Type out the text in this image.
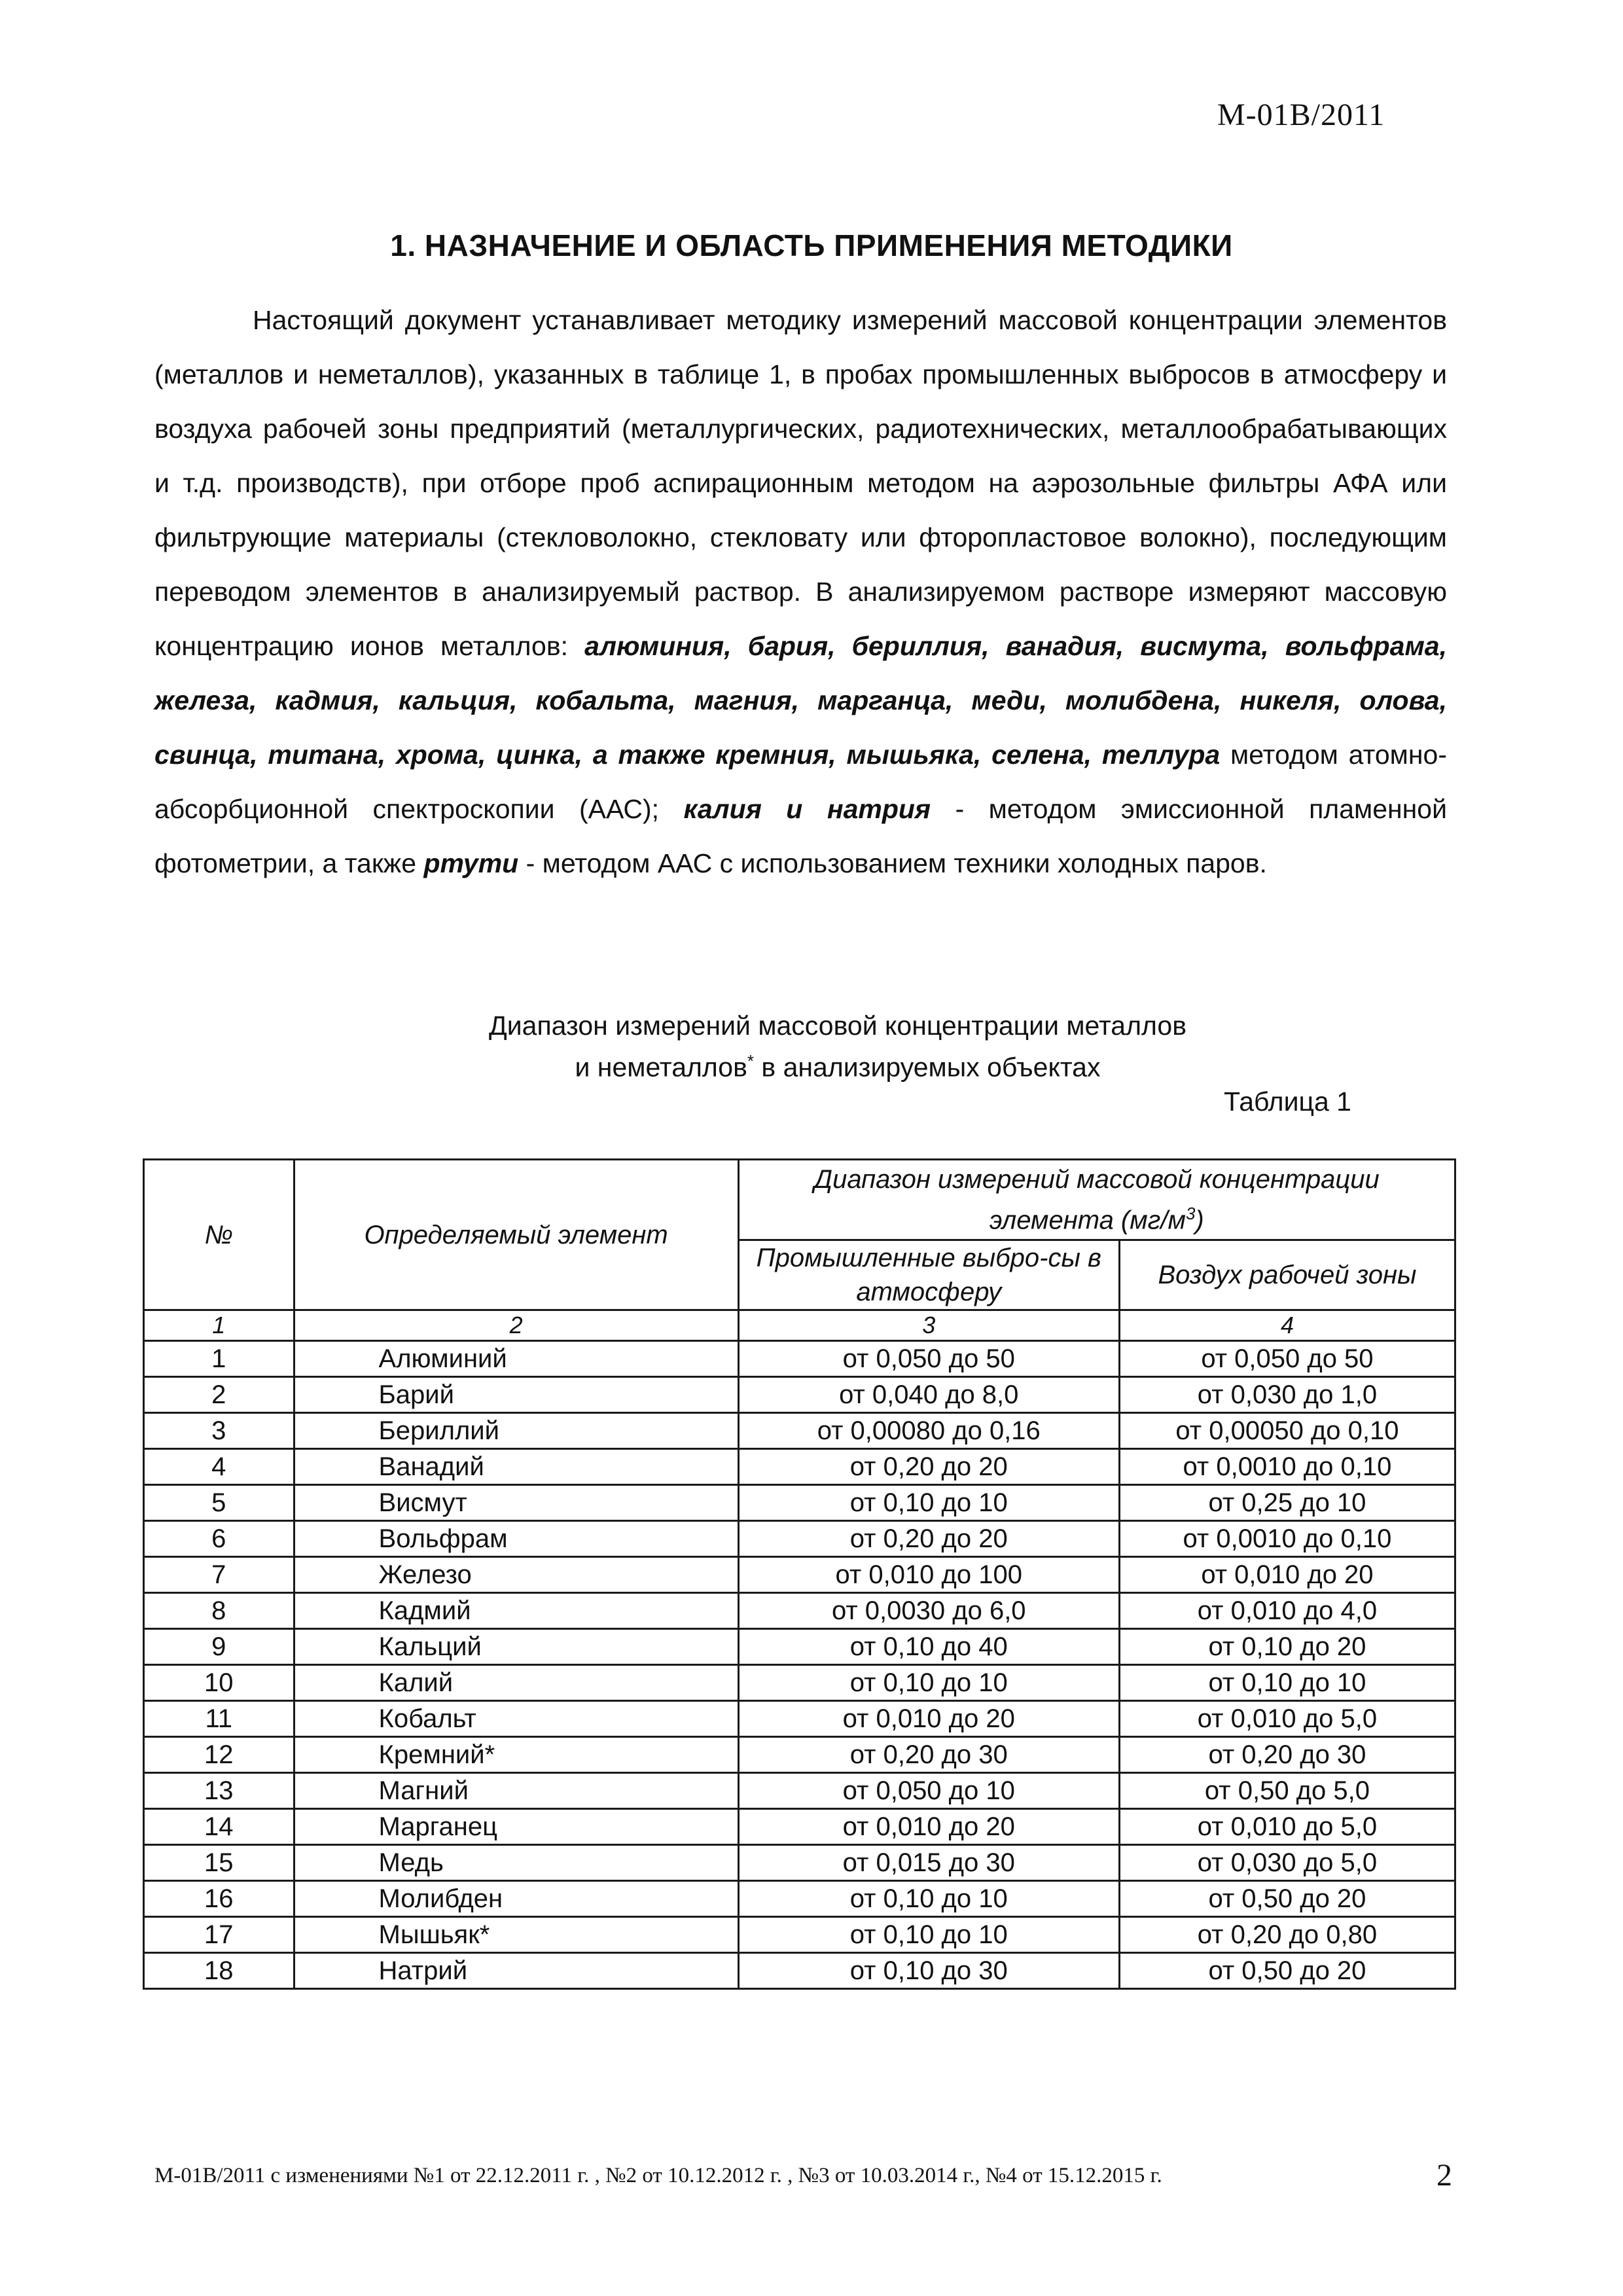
М-01В/2011
1. НАЗНАЧЕНИЕ И ОБЛАСТЬ ПРИМЕНЕНИЯ МЕТОДИКИ
Настоящий документ устанавливает методику измерений массовой концентрации элементов (металлов и неметаллов), указанных в таблице 1, в пробах промышленных выбросов в атмосферу и воздуха рабочей зоны предприятий (металлургических, радиотехнических, металлообрабатывающих и т.д. производств), при отборе проб аспирационным методом на аэрозольные фильтры АФА или фильтрующие материалы (стекловолокно, стекловату или фторопластовое волокно), последующим переводом элементов в анализируемый раствор. В анализируемом растворе измеряют массовую концентрацию ионов металлов: алюминия, бария, бериллия, ванадия, висмута, вольфрама, железа, кадмия, кальция, кобальта, магния, марганца, меди, молибдена, никеля, олова, свинца, титана, хрома, цинка, а также кремния, мышьяка, селена, теллура методом атомно-абсорбционной спектроскопии (ААС); калия и натрия - методом эмиссионной пламенной фотометрии, а также ртути - методом ААС с использованием техники холодных паров.
Диапазон измерений массовой концентрации металлов
и неметаллов* в анализируемых объектах
Таблица 1
№	Определяемый элемент	Диапазон измерений массовой концентрации
элемента $(мг/м^3)$	
		Промышленные выбро-сы в атмосферу	Воздух рабочей зоны
1	2	3	4
1	Алюминий	от 0,050 до 50	от 0,050 до 50
2	Барий	от 0,040 до 8,0	от 0,030 до 1,0
3	Бериллий	от 0,00080 до 0,16	от 0,00050 до 0,10
4	Ванадий	от 0,20 до 20	от 0,0010 до 0,10
5	Висмут	от 0,10 до 10	от 0,25 до 10
6	Вольфрам	от 0,20 до 20	от 0,0010 до 0,10
7	Железо	от 0,010 до 100	от 0,010 до 20
8	Кадмий	от 0,0030 до 6,0	от 0,010 до 4,0
9	Кальций	от 0,10 до 40	от 0,10 до 20
10	Калий	от 0,10 до 10	от 0,10 до 10
11	Кобальт	от 0,010 до 20	от 0,010 до 5,0
12	Кремний*	от 0,20 до 30	от 0,20 до 30
13	Магний	от 0,050 до 10	от 0,50 до 5,0
14	Марганец	от 0,010 до 20	от 0,010 до 5,0
15	Медь	от 0,015 до 30	от 0,030 до 5,0
16	Молибден	от 0,10 до 10	от 0,50 до 20
17	Мышьяк*	от 0,10 до 10	от 0,20 до 0,80
18	Натрий	от 0,10 до 30	от 0,50 до 20
М-01В/2011 с изменениями №1 от 22.12.2011 г. , №2 от 10.12.2012 г. , №3 от 10.03.2014 г., №4 от 15.12.2015 г.	2
